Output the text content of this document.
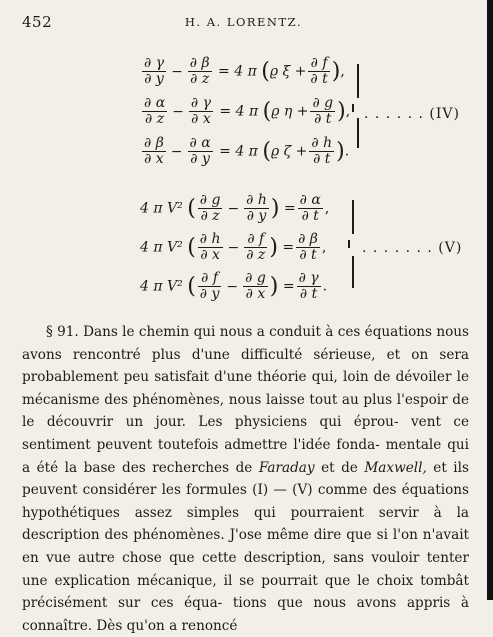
452	H. A. LORENTZ.
$\frac{\partial \gamma}{\partial y} - \frac{\partial \beta}{\partial z} = 4$ π (ϱ $\xi + \frac{\partial f}{\partial t}$ ),
$\frac{\partial \alpha}{\partial z} - \frac{\partial \gamma}{\partial x} = 4$ π (ϱ $\eta + \frac{\partial g}{\partial t}$ ),
$\frac{\partial \beta}{\partial x} - \frac{\partial \alpha}{\partial y} = 4$ π (ϱ $\zeta + \frac{\partial h}{\partial t}$ ).
. . . . . . (IV)
4 π V² ( $\frac{\partial g}{\partial z} - \frac{\partial h}{\partial y}$ ) = $\frac{\partial \alpha}{\partial t}$ ,
4 π V² ( $\frac{\partial h}{\partial x} - \frac{\partial f}{\partial z}$ ) = $\frac{\partial \beta}{\partial t}$ ,
4 π V² ( $\frac{\partial f}{\partial y} - \frac{\partial g}{\partial x}$ ) = $\frac{\partial \gamma}{\partial t}$ .
. . . . . . . (V)

§ 91. Dans le chemin qui nous a conduit à ces équations nous avons rencontré plus d'une difficulté sérieuse, et on sera probablement peu satisfait d'une théorie qui, loin de dévoiler le mécanisme des phénomènes, nous laisse tout au plus l'espoir de le découvrir un jour. Les physiciens qui éprou- vent ce sentiment peuvent toutefois admettre l'idée fonda- mentale qui a été la base des recherches de Faraday et de Maxwell, et ils peuvent considérer les formules (I) — (V) comme des équations hypothétiques assez simples qui pourraient servir à la description des phénomènes. J'ose même dire que si l'on n'avait en vue autre chose que cette description, sans vouloir tenter une explication mécanique, il se pourrait que le choix tombât précisément sur ces équa- tions que nous avons appris à connaître. Dès qu'on a renoncé
